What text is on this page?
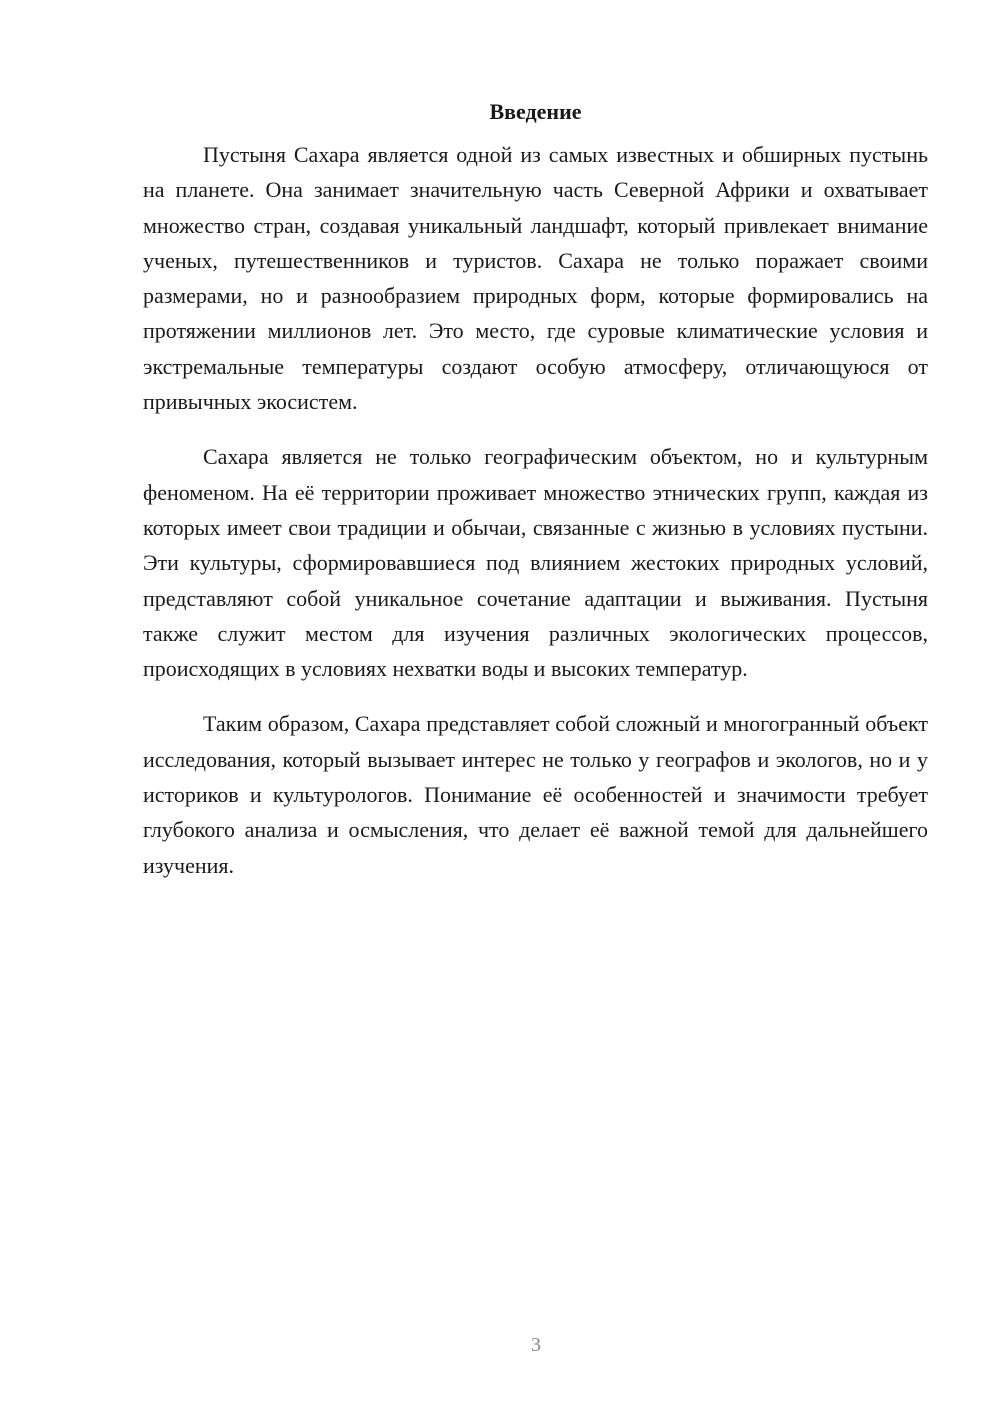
Введение

Пустыня Сахара является одной из самых известных и обширных пустынь на планете. Она занимает значительную часть Северной Африки и охватывает множество стран, создавая уникальный ландшафт, который привлекает внимание ученых, путешественников и туристов. Сахара не только поражает своими размерами, но и разнообразием природных форм, которые формировались на протяжении миллионов лет. Это место, где суровые климатические условия и экстремальные температуры создают особую атмосферу, отличающуюся от привычных экосистем.

Сахара является не только географическим объектом, но и культурным феноменом. На её территории проживает множество этнических групп, каждая из которых имеет свои традиции и обычаи, связанные с жизнью в условиях пустыни. Эти культуры, сформировавшиеся под влиянием жестоких природных условий, представляют собой уникальное сочетание адаптации и выживания. Пустыня также служит местом для изучения различных экологических процессов, происходящих в условиях нехватки воды и высоких температур.

Таким образом, Сахара представляет собой сложный и многогранный объект исследования, который вызывает интерес не только у географов и экологов, но и у историков и культурологов. Понимание её особенностей и значимости требует глубокого анализа и осмысления, что делает её важной темой для дальнейшего изучения.

3
